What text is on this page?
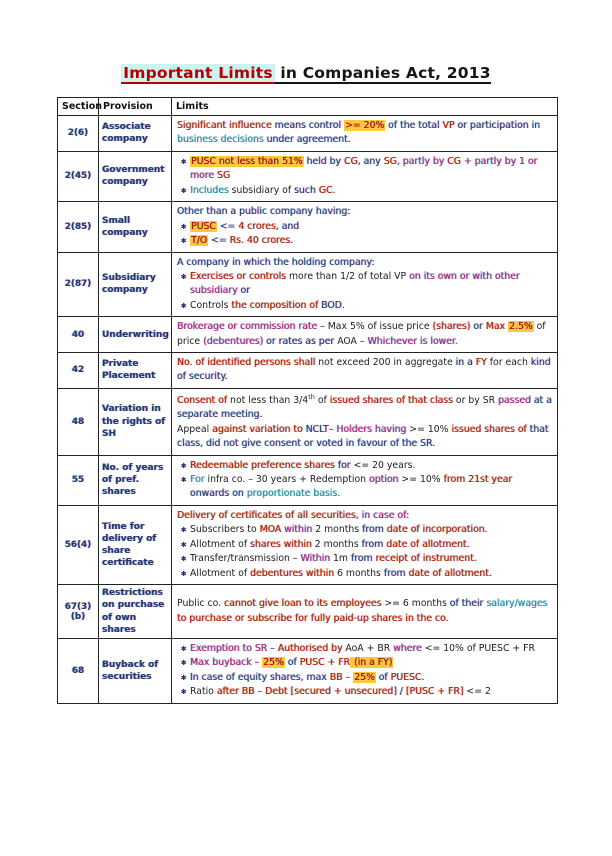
Important Limits in Companies Act, 2013
Section	Provision	Limits
2(6)	Associate company	Significant influence means control >= 20% of the total VP or participation in business decisions under agreement.

2(45)	Government company	✱ PUSC not less than 51% held by CG, any SG, partly by CG + partly by 1 or more SG
✱ Includes subsidiary of such GC.

2(85)	Small company	Other than a public company having:
✱ PUSC <= 4 crores, and
✱ T/O <= Rs. 40 crores.

2(87)	Subsidiary company	A company in which the holding company:
✱ Exercises or controls more than 1/2 of total VP on its own or with other subsidiary or
✱ Controls the composition of BOD.

40	Underwriting	Brokerage or commission rate – Max 5% of issue price (shares) or Max 2.5% of price (debentures) or rates as per AOA – Whichever is lower.

42	Private Placement	No. of identified persons shall not exceed 200 in aggregate in a FY for each kind of security.

48	Variation in the rights of SH	Consent of not less than 3/4th of issued shares of that class or by SR passed at a separate meeting.
Appeal against variation to NCLT– Holders having >= 10% issued shares of that class, did not give consent or voted in favour of the SR.

55	No. of years of pref. shares	✱ Redeemable preference shares for <= 20 years.
✱ For infra co. – 30 years + Redemption option >= 10% from 21st year onwards on proportionate basis.

56(4)	Time for delivery of share certificate	
Delivery of certificates of all securities, in case of:
✱ Subscribers to MOA within 2 months from date of incorporation.
✱ Allotment of shares within 2 months from date of allotment.
✱ Transfer/transmission – Within 1m from receipt of instrument.
✱ Allotment of debentures within 6 months from date of allotment.

67(3)(b)	Restrictions on purchase of own shares	Public co. cannot give loan to its employees >= 6 months of their salary/wages to purchase or subscribe for fully paid-up shares in the co.

68	Buyback of securities	
✱ Exemption to SR – Authorised by AoA + BR where <= 10% of PUESC + FR
✱ Max buyback – 25% of PUSC + FR (in a FY)
✱ In case of equity shares, max BB – 25% of PUESC.
✱ Ratio after BB – Debt [secured + unsecured] / [PUSC + FR] <= 2
